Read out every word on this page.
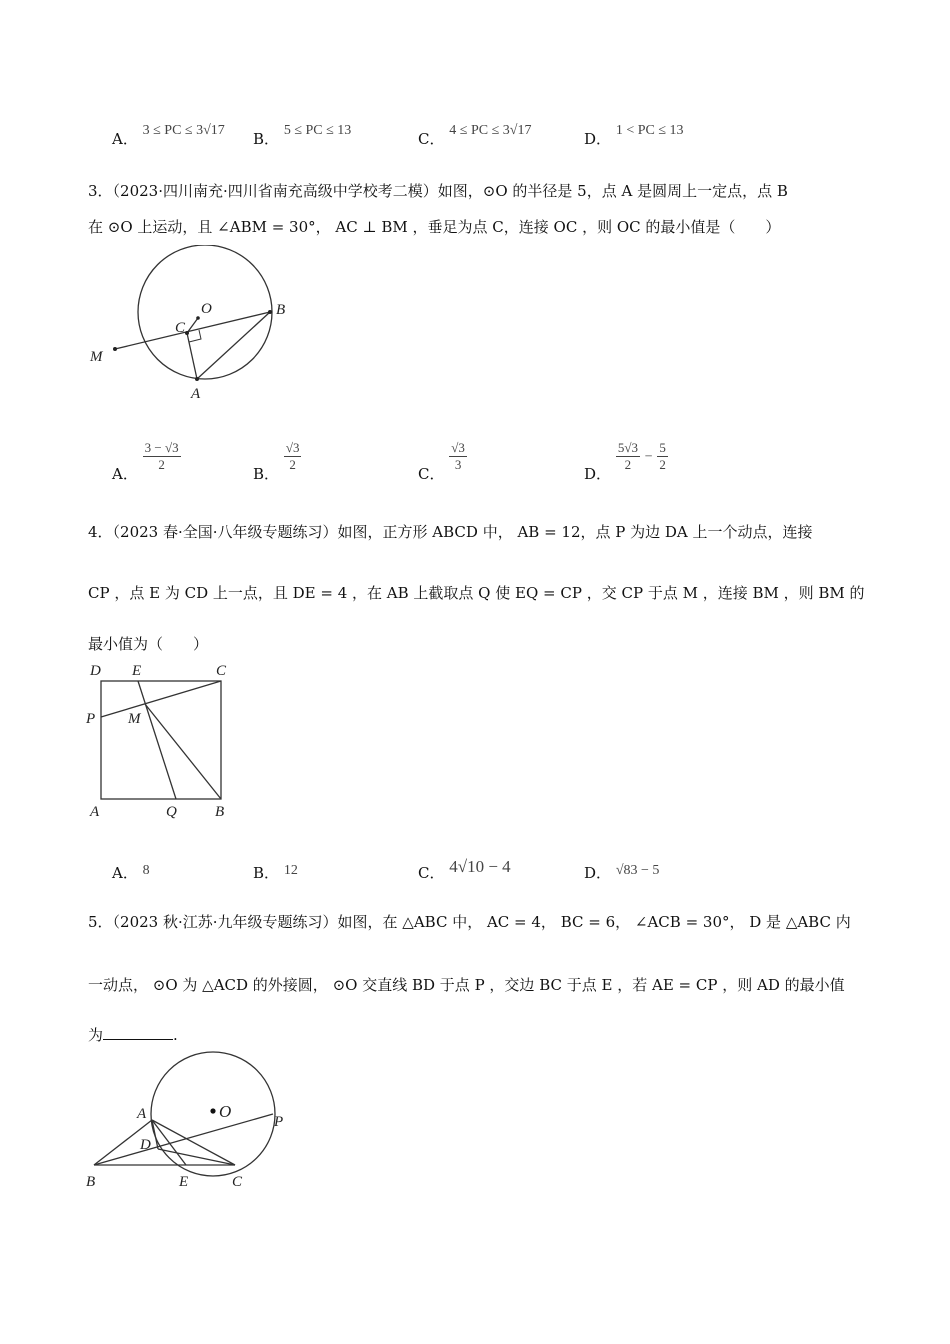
A． 3 ≤ PC ≤ 3√17 B． 5 ≤ PC ≤ 13	C． 4 ≤ PC ≤ 3√17	D． 1 < PC ≤ 13
3．（2023·四川南充·四川省南充高级中学校考二模）如图，⊙O 的半径是 5，点 A 是圆周上一定点，点 B
在 ⊙O 上运动，且 ∠ABM = 30°， AC ⊥ BM ，垂足为点 C，连接 OC ，则 OC 的最小值是（　　）
O	B
C
M
A
A．
$\frac{3 - √3}{2}$
B．
$\frac{√3}{2}$
C．
$\frac{√3}{3}$
D．
$\frac{5√3}{2} - \frac{5}{2}$
4．（2023 春·全国·八年级专题练习）如图，正方形 ABCD 中， AB = 12，点 P 为边 DA 上一个动点，连接
CP ，点 E 为 CD 上一点，且 DE = 4 ，在 AB 上截取点 Q 使 EQ = CP ，交 CP 于点 M ，连接 BM ，则 BM 的
最小值为（　　）
D E	C
P M
A	Q	B
A． 8	B． 12	C． 4√10 − 4	D． √83 − 5
5．（2023 秋·江苏·九年级专题练习）如图，在 △ABC 中， AC = 4， BC = 6， ∠ACB = 30°， D 是 △ABC 内
一动点， ⊙O 为 △ACD 的外接圆， ⊙O 交直线 BD 于点 P ，交边 BC 于点 E ，若 AE = CP ，则 AD 的最小值
为	.
A	O
P
D
B	E	C
